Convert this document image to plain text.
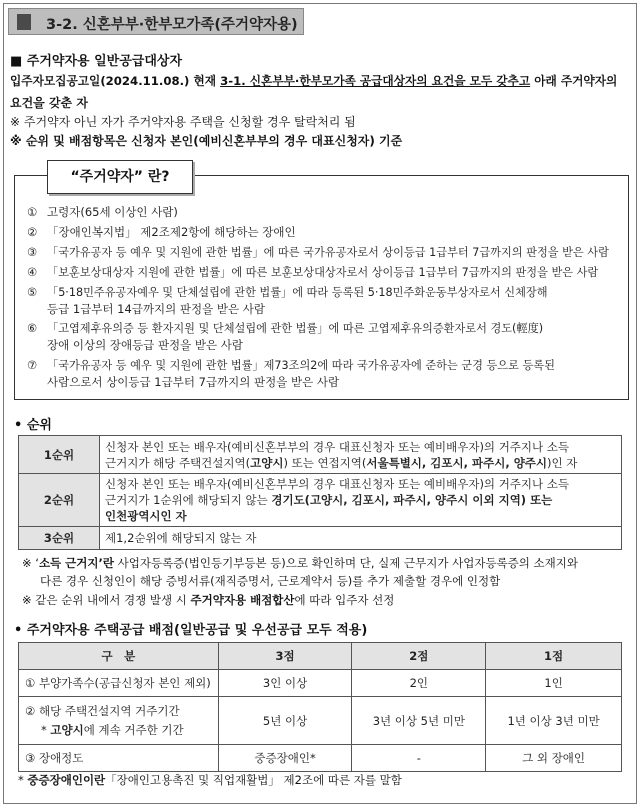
3-2. 신혼부부·한부모가족(주거약자용)
■ 주거약자용 일반공급대상자
입주자모집공고일(2024.11.08.) 현재 3-1. 신혼부부·한부모가족 공급대상자의 요건을 모두 갖추고 아래 주거약자의
요건을 갖춘 자
※ 주거약자 아닌 자가 주거약자용 주택을 신청할 경우 탈락처리 됨
※ 순위 및 배점항목은 신청자 본인(예비신혼부부의 경우 대표신청자) 기준
“주거약자” 란?
① 고령자(65세 이상인 사람)
② 「장애인복지법」 제2조제2항에 해당하는 장애인
③ 「국가유공자 등 예우 및 지원에 관한 법률」에 따른 국가유공자로서 상이등급 1급부터 7급까지의 판정을 받은 사람
④ 「보훈보상대상자 지원에 관한 법률」에 따른 보훈보상대상자로서 상이등급 1급부터 7급까지의 판정을 받은 사람
⑤ 「5·18민주유공자예우 및 단체설립에 관한 법률」에 따라 등록된 5·18민주화운동부상자로서 신체장해
등급 1급부터 14급까지의 판정을 받은 사람
⑥ 「고엽제후유의증 등 환자지원 및 단체설립에 관한 법률」에 따른 고엽제후유의증환자로서 경도(輕度)
장애 이상의 장애등급 판정을 받은 사람
⑦ 「국가유공자 등 예우 및 지원에 관한 법률」제73조의2에 따라 국가유공자에 준하는 군경 등으로 등록된
사람으로서 상이등급 1급부터 7급까지의 판정을 받은 사람
• 순위
1순위	신청자 본인 또는 배우자(예비신혼부부의 경우 대표신청자 또는 예비배우자)의 거주지나 소득
근거지가 해당 주택건설지역(고양시) 또는 연접지역(서울특별시, 김포시, 파주시, 양주시)인 자

2순위	신청자 본인 또는 배우자(예비신혼부부의 경우 대표신청자 또는 예비배우자)의 거주지나 소득
근거지가 1순위에 해당되지 않는 경기도(고양시, 김포시, 파주시, 양주시 이외 지역) 또는
인천광역시인 자

3순위	제1,2순위에 해당되지 않는 자
※ ‘소득 근거지’란 사업자등록증(법인등기부등본 등)으로 확인하며 단, 실제 근무지가 사업자등록증의 소재지와
다른 경우 신청인이 해당 증빙서류(재직증명서, 근로계약서 등)를 추가 제출할 경우에 인정함
※ 같은 순위 내에서 경쟁 발생 시 주거약자용 배점합산에 따라 입주자 선정
• 주거약자용 주택공급 배점(일반공급 및 우선공급 모두 적용)
구　분	3점	2점	1점
① 부양가족수(공급신청자 본인 제외)	3인 이상	2인	1인

② 해당 주택건설지역 거주기간
* 고양시에 계속 거주한 기간	5년 이상	3년 이상 5년 미만	1년 이상 3년 미만
③ 장애정도	중증장애인*	-	그 외 장애인
* 중증장애인이란「장애인고용촉진 및 직업재활법」 제2조에 따른 자를 말함
